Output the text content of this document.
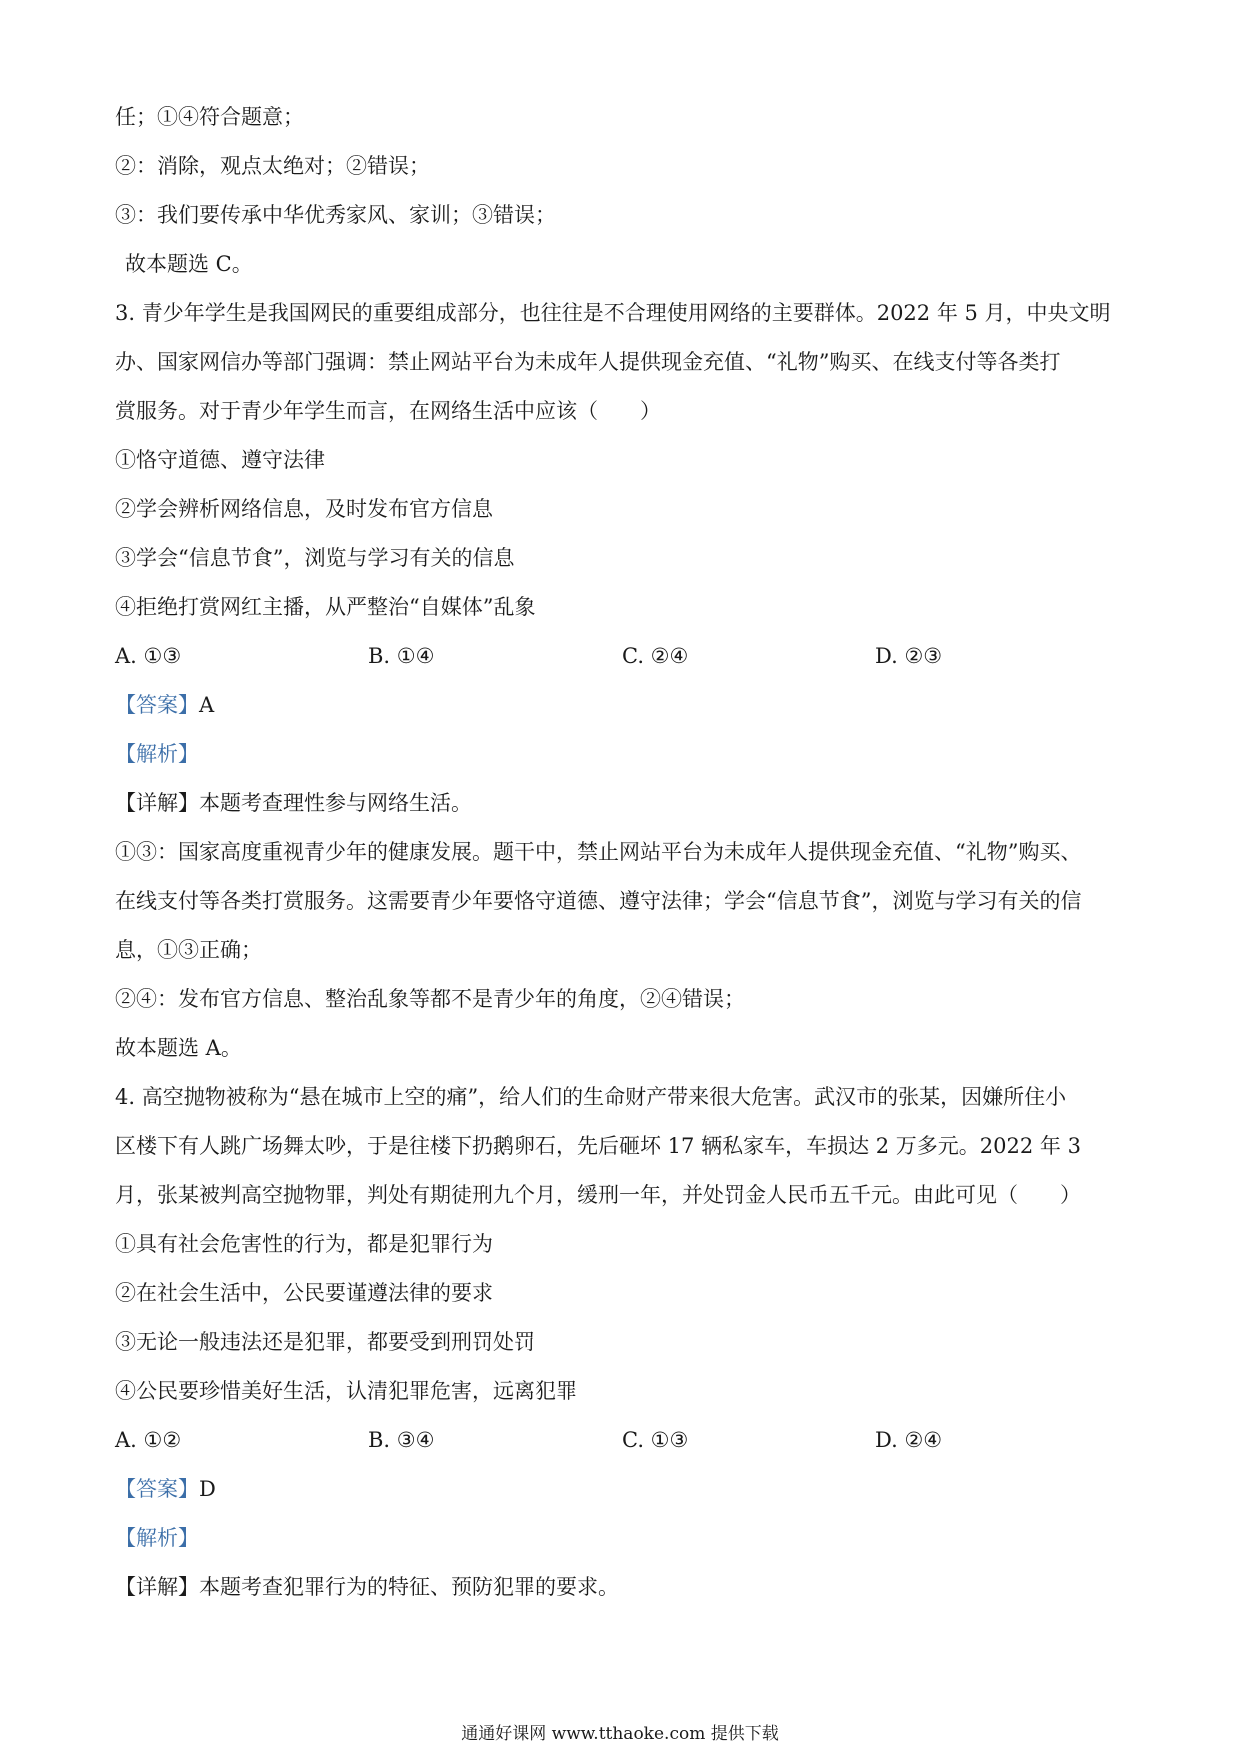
任；①④符合题意；
②：消除，观点太绝对；②错误；
③：我们要传承中华优秀家风、家训；③错误；
故本题选 C。
3. 青少年学生是我国网民的重要组成部分，也往往是不合理使用网络的主要群体。2022 年 5 月，中央文明
办、国家网信办等部门强调：禁止网站平台为未成年人提供现金充值、“礼物”购买、在线支付等各类打
赏服务。对于青少年学生而言，在网络生活中应该（　　）
①恪守道德、遵守法律
②学会辨析网络信息，及时发布官方信息
③学会“信息节食”，浏览与学习有关的信息
④拒绝打赏网红主播，从严整治“自媒体”乱象
A. ①③	B. ①④	C. ②④	D. ②③
【答案】A
【解析】
【详解】本题考查理性参与网络生活。
①③：国家高度重视青少年的健康发展。题干中，禁止网站平台为未成年人提供现金充值、“礼物”购买、
在线支付等各类打赏服务。这需要青少年要恪守道德、遵守法律；学会“信息节食”，浏览与学习有关的信
息，①③正确；
②④：发布官方信息、整治乱象等都不是青少年的角度，②④错误；
故本题选 A。
4. 高空抛物被称为“悬在城市上空的痛”，给人们的生命财产带来很大危害。武汉市的张某，因嫌所住小
区楼下有人跳广场舞太吵，于是往楼下扔鹅卵石，先后砸坏 17 辆私家车，车损达 2 万多元。2022 年 3
月，张某被判高空抛物罪，判处有期徒刑九个月，缓刑一年，并处罚金人民币五千元。由此可见（　　）
①具有社会危害性的行为，都是犯罪行为
②在社会生活中，公民要谨遵法律的要求
③无论一般违法还是犯罪，都要受到刑罚处罚
④公民要珍惜美好生活，认清犯罪危害，远离犯罪
A. ①②	B. ③④	C. ①③	D. ②④
【答案】D
【解析】
【详解】本题考查犯罪行为的特征、预防犯罪的要求。
通通好课网 www.tthaoke.com 提供下载
